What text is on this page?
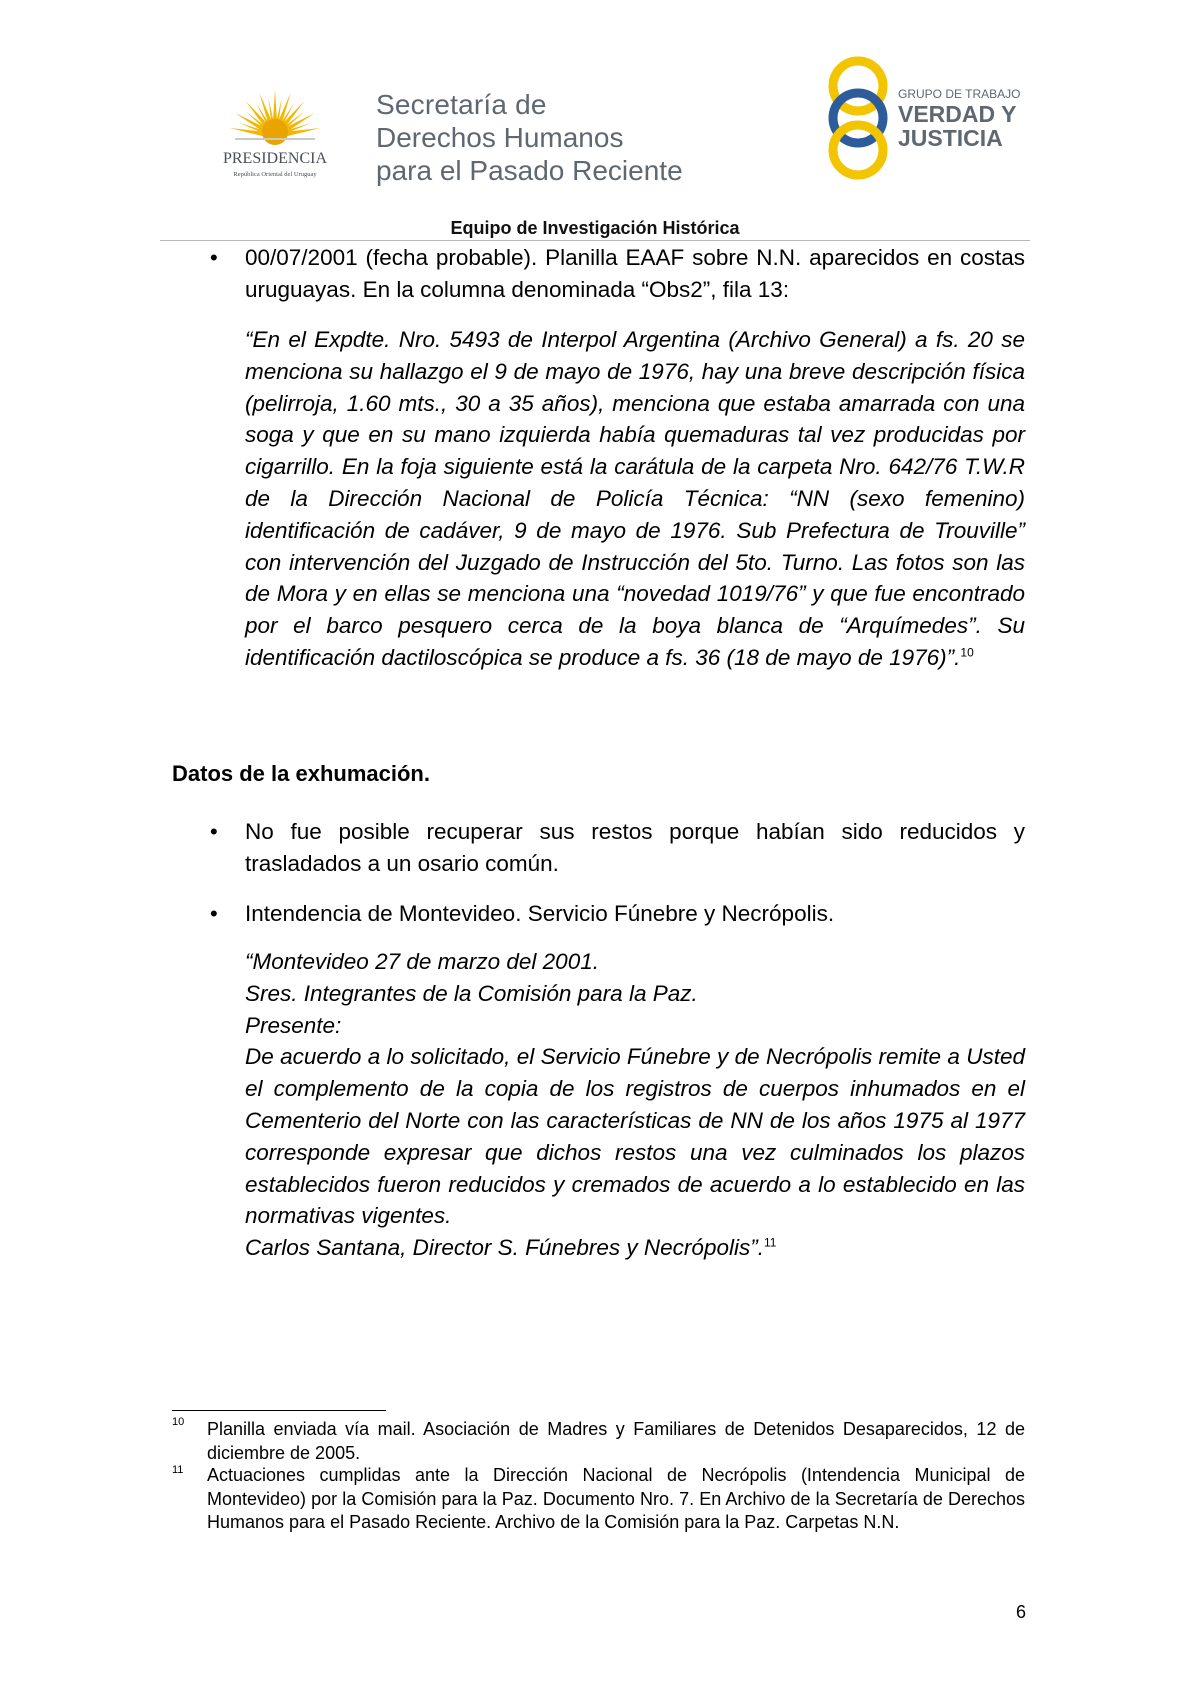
PRESIDENCIA
República Oriental del Uruguay
Secretaría de
Derechos Humanos
para el Pasado Reciente
GRUPO DE TRABAJO
VERDAD Y
JUSTICIA
Equipo de Investigación Histórica
• 00/07/2001 (fecha probable). Planilla EAAF sobre N.N. aparecidos en costas uruguayas. En la columna denominada “Obs2”, fila 13:
“En el Expdte. Nro. 5493 de Interpol Argentina (Archivo General) a fs. 20 se menciona su hallazgo el 9 de mayo de 1976, hay una breve descripción física (pelirroja, 1.60 mts., 30 a 35 años), menciona que estaba amarrada con una soga y que en su mano izquierda había quemaduras tal vez producidas por cigarrillo. En la foja siguiente está la carátula de la carpeta Nro. 642/76 T.W.R de la Dirección Nacional de Policía Técnica: “NN (sexo femenino) identificación de cadáver, 9 de mayo de 1976. Sub Prefectura de Trouville” con intervención del Juzgado de Instrucción del 5to. Turno. Las fotos son las de Mora y en ellas se menciona una “novedad 1019/76” y que fue encontrado por el barco pesquero cerca de la boya blanca de “Arquímedes”. Su identificación dactiloscópica se produce a fs. 36 (18 de mayo de 1976)”.$^{10}$
Datos de la exhumación.
• No fue posible recuperar sus restos porque habían sido reducidos y trasladados a un osario común.
• Intendencia de Montevideo. Servicio Fúnebre y Necrópolis.
“Montevideo 27 de marzo del 2001.
Sres. Integrantes de la Comisión para la Paz.
Presente:
De acuerdo a lo solicitado, el Servicio Fúnebre y de Necrópolis remite a Usted el complemento de la copia de los registros de cuerpos inhumados en el Cementerio del Norte con las características de NN de los años 1975 al 1977 corresponde expresar que dichos restos una vez culminados los plazos establecidos fueron reducidos y cremados de acuerdo a lo establecido en las normativas vigentes.
Carlos Santana, Director S. Fúnebres y Necrópolis”.$^{11}$
10 Planilla enviada vía mail. Asociación de Madres y Familiares de Detenidos Desaparecidos, 12 de diciembre de 2005.
11 Actuaciones cumplidas ante la Dirección Nacional de Necrópolis (Intendencia Municipal de Montevideo) por la Comisión para la Paz. Documento Nro. 7. En Archivo de la Secretaría de Derechos Humanos para el Pasado Reciente. Archivo de la Comisión para la Paz. Carpetas N.N.
6
